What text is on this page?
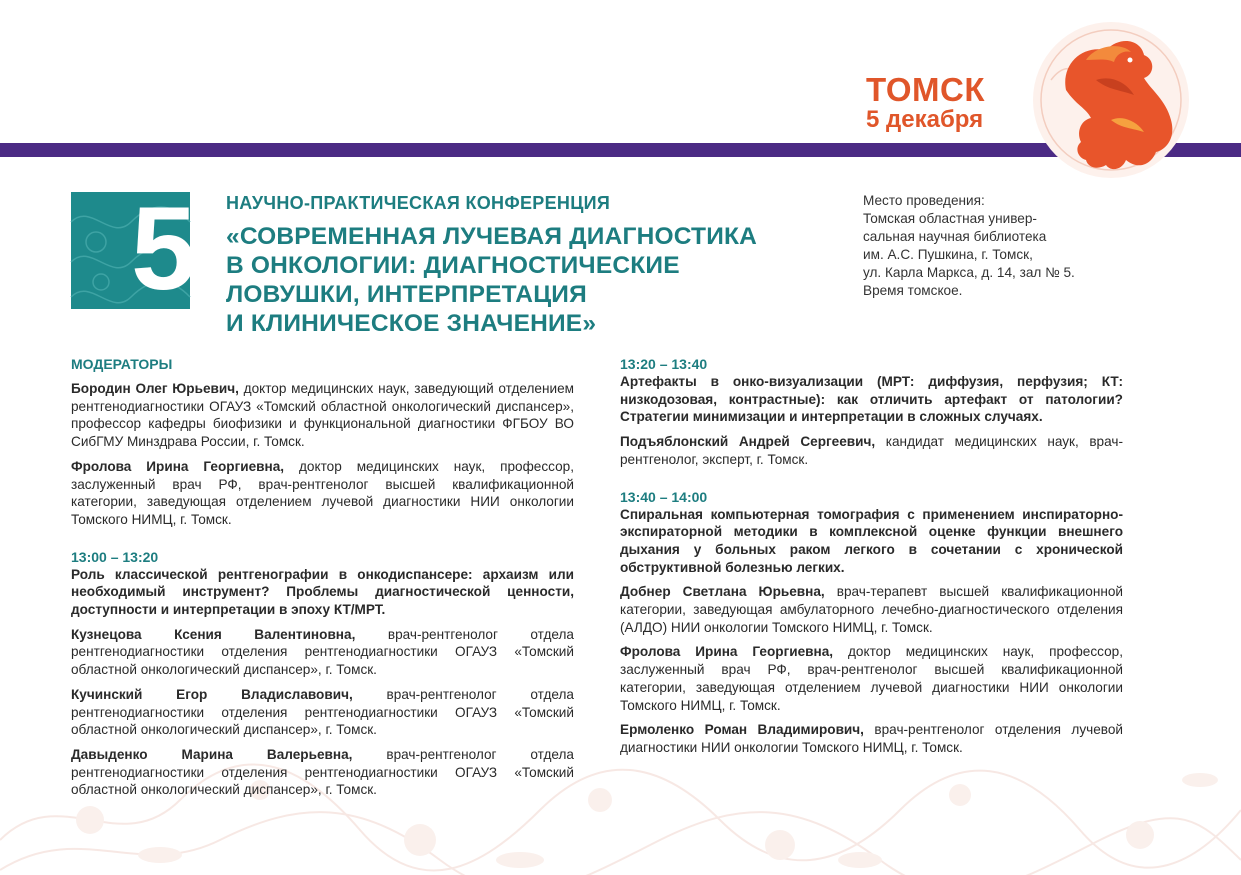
ТОМСК
5 декабря
5 НАУЧНО-ПРАКТИЧЕСКАЯ КОНФЕРЕНЦИЯ
«СОВРЕМЕННАЯ ЛУЧЕВАЯ ДИАГНОСТИКА
В ОНКОЛОГИИ: ДИАГНОСТИЧЕСКИЕ
ЛОВУШКИ, ИНТЕРПРЕТАЦИЯ
И КЛИНИЧЕСКОЕ ЗНАЧЕНИЕ»
Место проведения:
Томская областная универ-
сальная научная библиотека
им. А.С. Пушкина, г. Томск,
ул. Карла Маркса, д. 14, зал № 5.
Время томское.
МОДЕРАТОРЫ
Бородин Олег Юрьевич, доктор медицинских наук, заведующий отделением рентгенодиагностики ОГАУЗ «Томский областной онкологический диспансер», профессор кафедры биофизики и функциональной диагностики ФГБОУ ВО СибГМУ Минздрава России, г. Томск.
Фролова Ирина Георгиевна, доктор медицинских наук, профессор, заслуженный врач РФ, врач-рентгенолог высшей квалификационной категории, заведующая отделением лучевой диагностики НИИ онкологии Томского НИМЦ, г. Томск.
13:00 – 13:20
Роль классической рентгенографии в онкодиспансере: архаизм или необходимый инструмент? Проблемы диагностической ценности, доступности и интерпретации в эпоху КТ/МРТ.
Кузнецова Ксения Валентиновна, врач-рентгенолог отдела рентгенодиагностики отделения рентгенодиагностики ОГАУЗ «Томский областной онкологический диспансер», г. Томск.
Кучинский Егор Владиславович, врач-рентгенолог отдела рентгенодиагностики отделения рентгенодиагностики ОГАУЗ «Томский областной онкологический диспансер», г. Томск.
Давыденко Марина Валерьевна, врач-рентгенолог отдела рентгенодиагностики отделения рентгенодиагностики ОГАУЗ «Томский областной онкологический диспансер», г. Томск.
13:20 – 13:40
Артефакты в онко-визуализации (МРТ: диффузия, перфузия; КТ: низкодозовая, контрастные): как отличить артефакт от патологии? Стратегии минимизации и интерпретации в сложных случаях.
Подъяблонский Андрей Сергеевич, кандидат медицинских наук, врач-рентгенолог, эксперт, г. Томск.
13:40 – 14:00
Спиральная компьютерная томография с применением инспираторно-экспираторной методики в комплексной оценке функции внешнего дыхания у больных раком легкого в сочетании с хронической обструктивной болезнью легких.
Добнер Светлана Юрьевна, врач-терапевт высшей квалификационной категории, заведующая амбулаторного лечебно-диагностического отделения (АЛДО) НИИ онкологии Томского НИМЦ, г. Томск.
Фролова Ирина Георгиевна, доктор медицинских наук, профессор, заслуженный врач РФ, врач-рентгенолог высшей квалификационной категории, заведующая отделением лучевой диагностики НИИ онкологии Томского НИМЦ, г. Томск.
Ермоленко Роман Владимирович, врач-рентгенолог отделения лучевой диагностики НИИ онкологии Томского НИМЦ, г. Томск.
